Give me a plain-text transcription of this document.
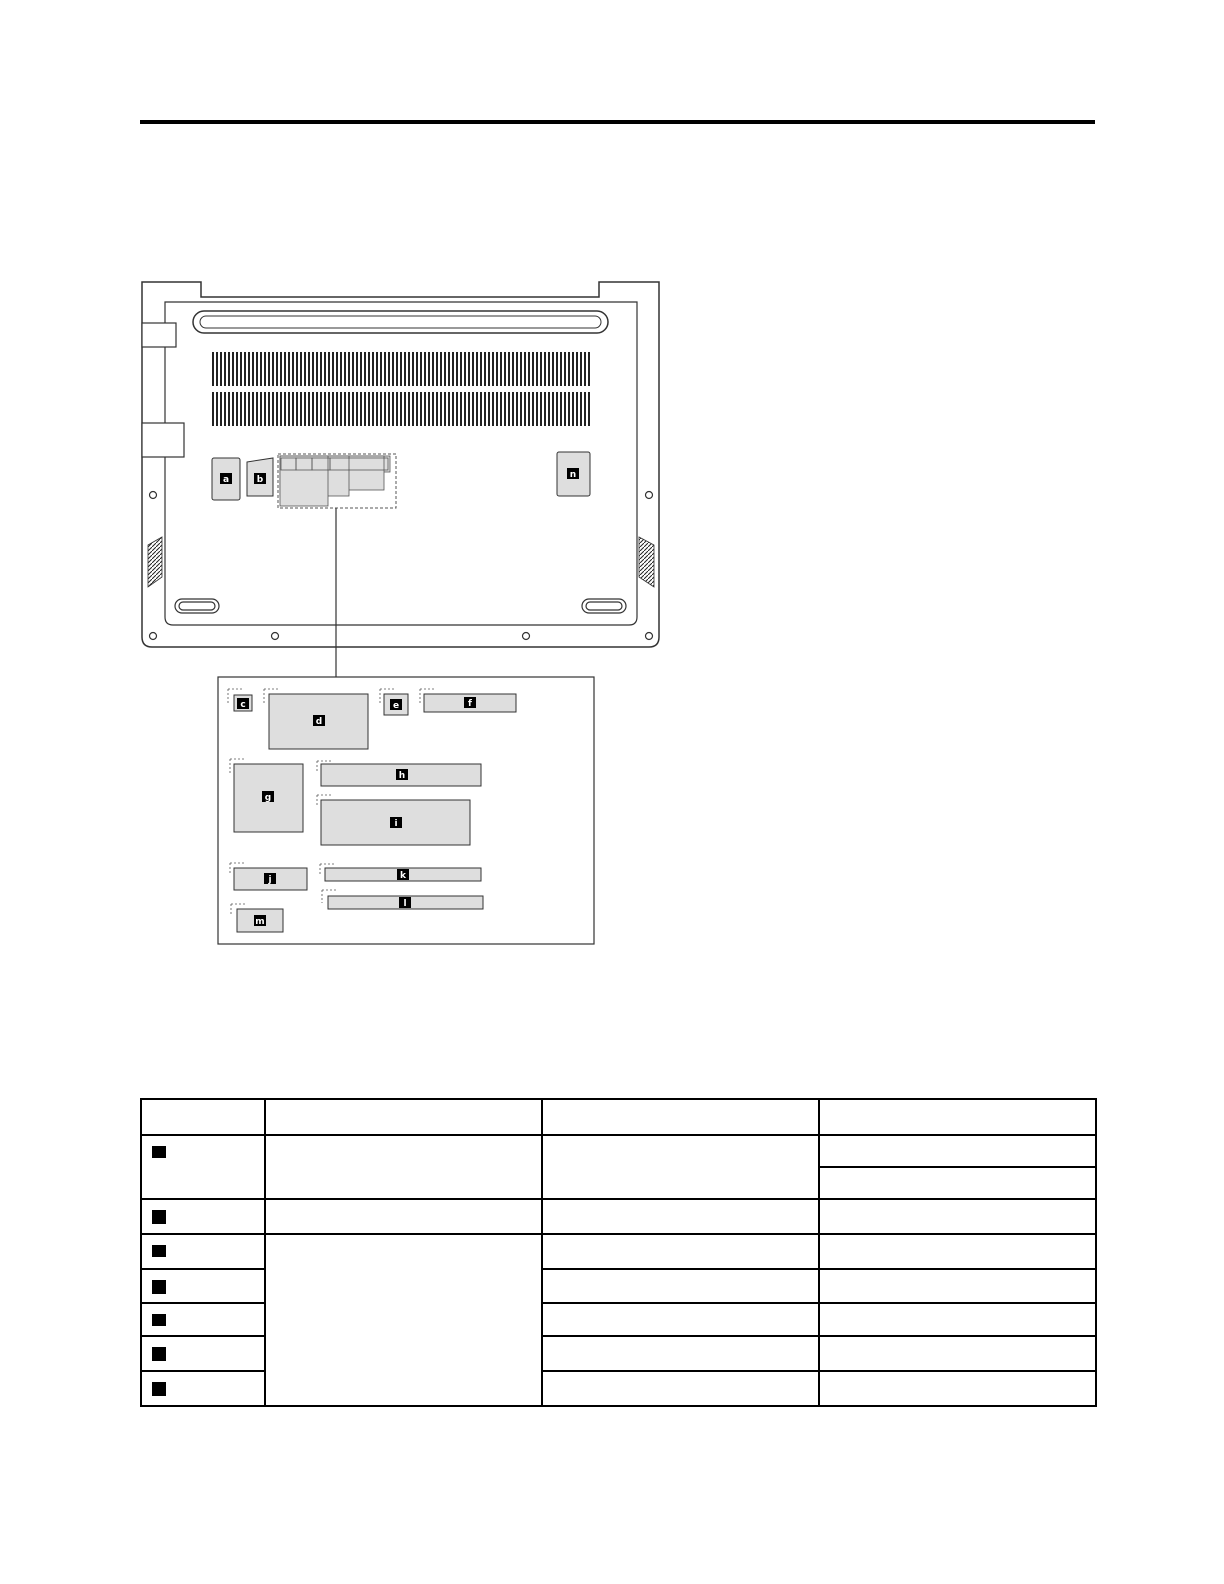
a	b	n
c
d
e	f
g
h
i
j	k
l
m
